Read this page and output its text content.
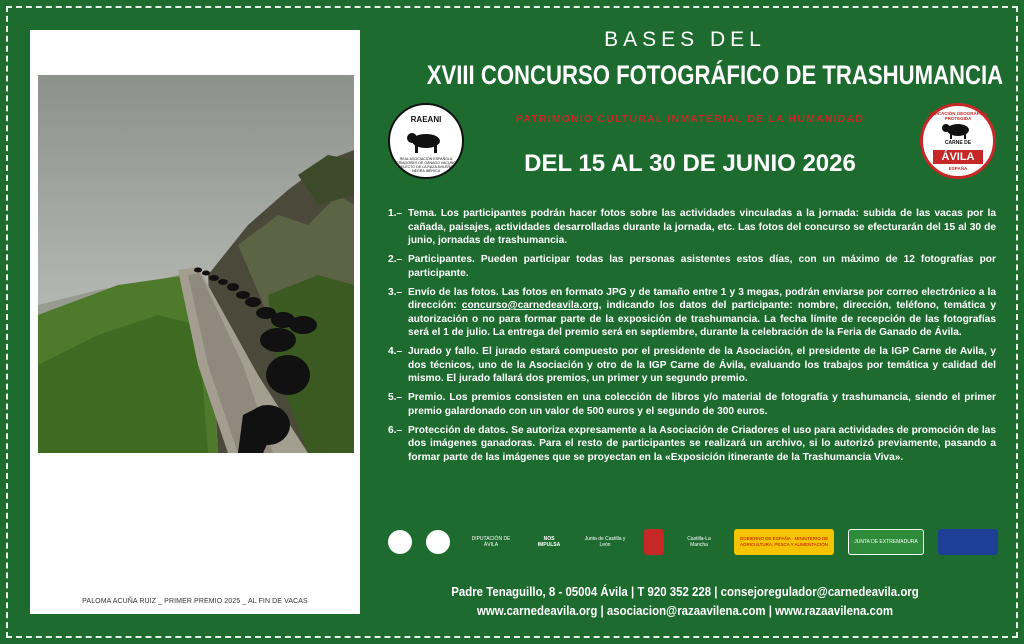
PALOMA ACUÑA RUIZ _ PRIMER PREMIO 2025 _ AL FIN DE VACAS
BASES DEL
XVIII CONCURSO FOTOGRÁFICO DE TRASHUMANCIA
RAEANI
REAL ASOCIACIÓN ESPAÑOLA CRIADORES DE GANADO VACUNO SELECTO DE LA RAZA AVILEÑA-NEGRA IBÉRICA
PATRIMONIO CULTURAL INMATERIAL DE LA HUMANIDAD
DEL 15 AL 30 DE JUNIO 2026
INDICACIÓN GEOGRÁFICA PROTEGIDA
CARNE DE
ÁVILA
ESPAÑA
1.– Tema. Los participantes podrán hacer fotos sobre las actividades vinculadas a la jornada: subida de las vacas por la cañada, paisajes, actividades desarrolladas durante la jornada, etc. Las fotos del concurso se efecturarán del 15 al 30 de junio, jornadas de trashumancia.
2.– Participantes. Pueden participar todas las personas asistentes estos días, con un máximo de 12 fotografías por participante.
3.– Envío de las fotos. Las fotos en formato JPG y de tamaño entre 1 y 3 megas, podrán enviarse por correo electrónico a la dirección: concurso@carnedeavila.org, indicando los datos del participante: nombre, dirección, teléfono, temática y autorización o no para formar parte de la exposición de trashumancia. La fecha límite de recepción de las fotografías será el 1 de julio. La entrega del premio será en septiembre, durante la celebración de la Feria de Ganado de Ávila.
4.– Jurado y fallo. El jurado estará compuesto por el presidente de la Asociación, el presidente de la IGP Carne de Avila, y dos técnicos, uno de la Asociación y otro de la IGP Carne de Ávila, evaluando los trabajos por temática y calidad del mismo. El jurado fallará dos premios, un primer y un segundo premio.
5.– Premio. Los premios consisten en una colección de libros y/o material de fotografía y trashumancia, siendo el primer premio galardonado con un valor de 500 euros y el segundo de 300 euros.
6.– Protección de datos. Se autoriza expresamente a la Asociación de Criadores el uso para actividades de promoción de las dos imágenes ganadoras. Para el resto de participantes se realizará un archivo, si lo autorizó previamente, pasando a formar parte de las imágenes que se proyectan en la «Exposición itinerante de la Trashumancia Viva».
DIPUTACIÓN DE ÁVILA
NOS IMPULSA
Junta de Castilla y León
Castilla-La Mancha
GOBIERNO DE ESPAÑA · MINISTERIO DE AGRICULTURA, PESCA Y ALIMENTACIÓN	JUNTA DE EXTREMADURA
Padre Tenaguillo, 8 - 05004 Ávila | T 920 352 228 | consejoregulador@carnedeavila.org
www.carnedeavila.org | asociacion@razaavilena.com | www.razaavilena.com
